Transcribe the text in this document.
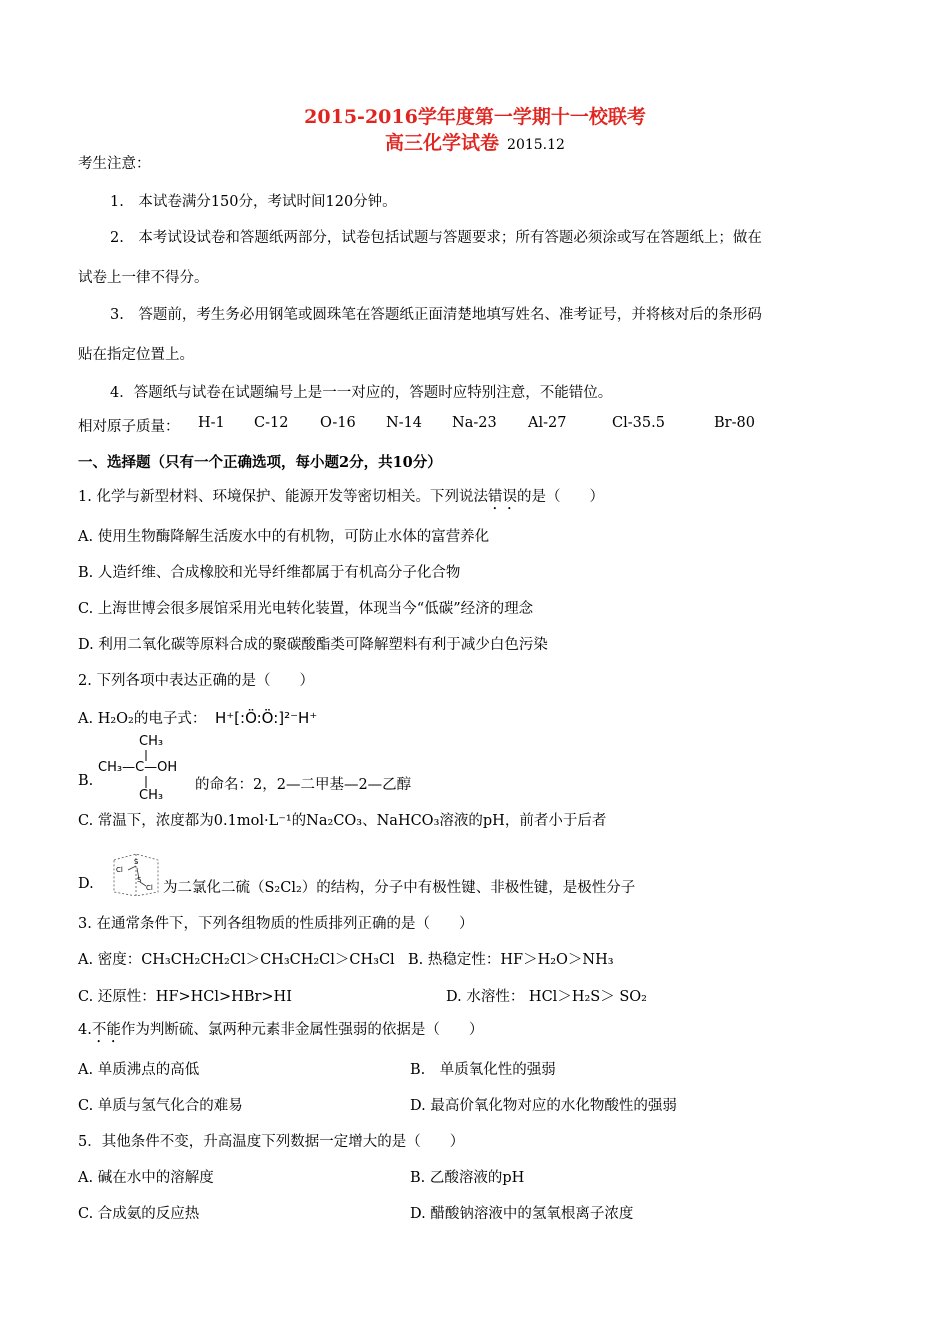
2015-2016学年度第一学期十一校联考
高三化学试卷 2015.12
考生注意：
1.　本试卷满分150分，考试时间120分钟。
2.　本考试设试卷和答题纸两部分，试卷包括试题与答题要求；所有答题必须涂或写在答题纸上；做在
试卷上一律不得分。
3.　答题前，考生务必用钢笔或圆珠笔在答题纸正面清楚地填写姓名、准考证号，并将核对后的条形码
贴在指定位置上。
4．答题纸与试卷在试题编号上是一一对应的，答题时应特别注意，不能错位。
相对原子质量： H-1 C-12 O-16 N-14 Na-23 Al-27	Cl-35.5	Br-80
一、选择题（只有一个正确选项，每小题2分，共10分）
1. 化学与新型材料、环境保护、能源开发等密切相关。下列说法错误的是（　　）
A. 使用生物酶降解生活废水中的有机物，可防止水体的富营养化
B. 人造纤维、合成橡胶和光导纤维都属于有机高分子化合物
C. 上海世博会很多展馆采用光电转化装置，体现当今“低碳”经济的理念
D. 利用二氧化碳等原料合成的聚碳酸酯类可降解塑料有利于减少白色污染
2. 下列各项中表达正确的是（　　）
A. H₂O₂的电子式： H⁺[:Ö:Ö:]²⁻H⁺
B.
CH₃
CH₃—C—OH
CH₃
的命名：2，2—二甲基—2—乙醇
C. 常温下，浓度都为0.1mol·L⁻¹的Na₂CO₃、NaHCO₃溶液的pH，前者小于后者
D.
Cl
S
S
Cl 为二氯化二硫（S₂Cl₂）的结构，分子中有极性键、非极性键，是极性分子
3. 在通常条件下，下列各组物质的性质排列正确的是（　　）
A. 密度：CH₃CH₂CH₂Cl＞CH₃CH₂Cl＞CH₃Cl B. 热稳定性：HF＞H₂O＞NH₃
C. 还原性：HF>HCl>HBr>HI	D. 水溶性： HCl＞H₂S＞ SO₂
4.不能作为判断硫、氯两种元素非金属性强弱的依据是（　　）
A. 单质沸点的高低	B.　单质氧化性的强弱
C. 单质与氢气化合的难易	D. 最高价氧化物对应的水化物酸性的强弱
5．其他条件不变，升高温度下列数据一定增大的是（　　）
A. 碱在水中的溶解度	B. 乙酸溶液的pH
C. 合成氨的反应热	D. 醋酸钠溶液中的氢氧根离子浓度
